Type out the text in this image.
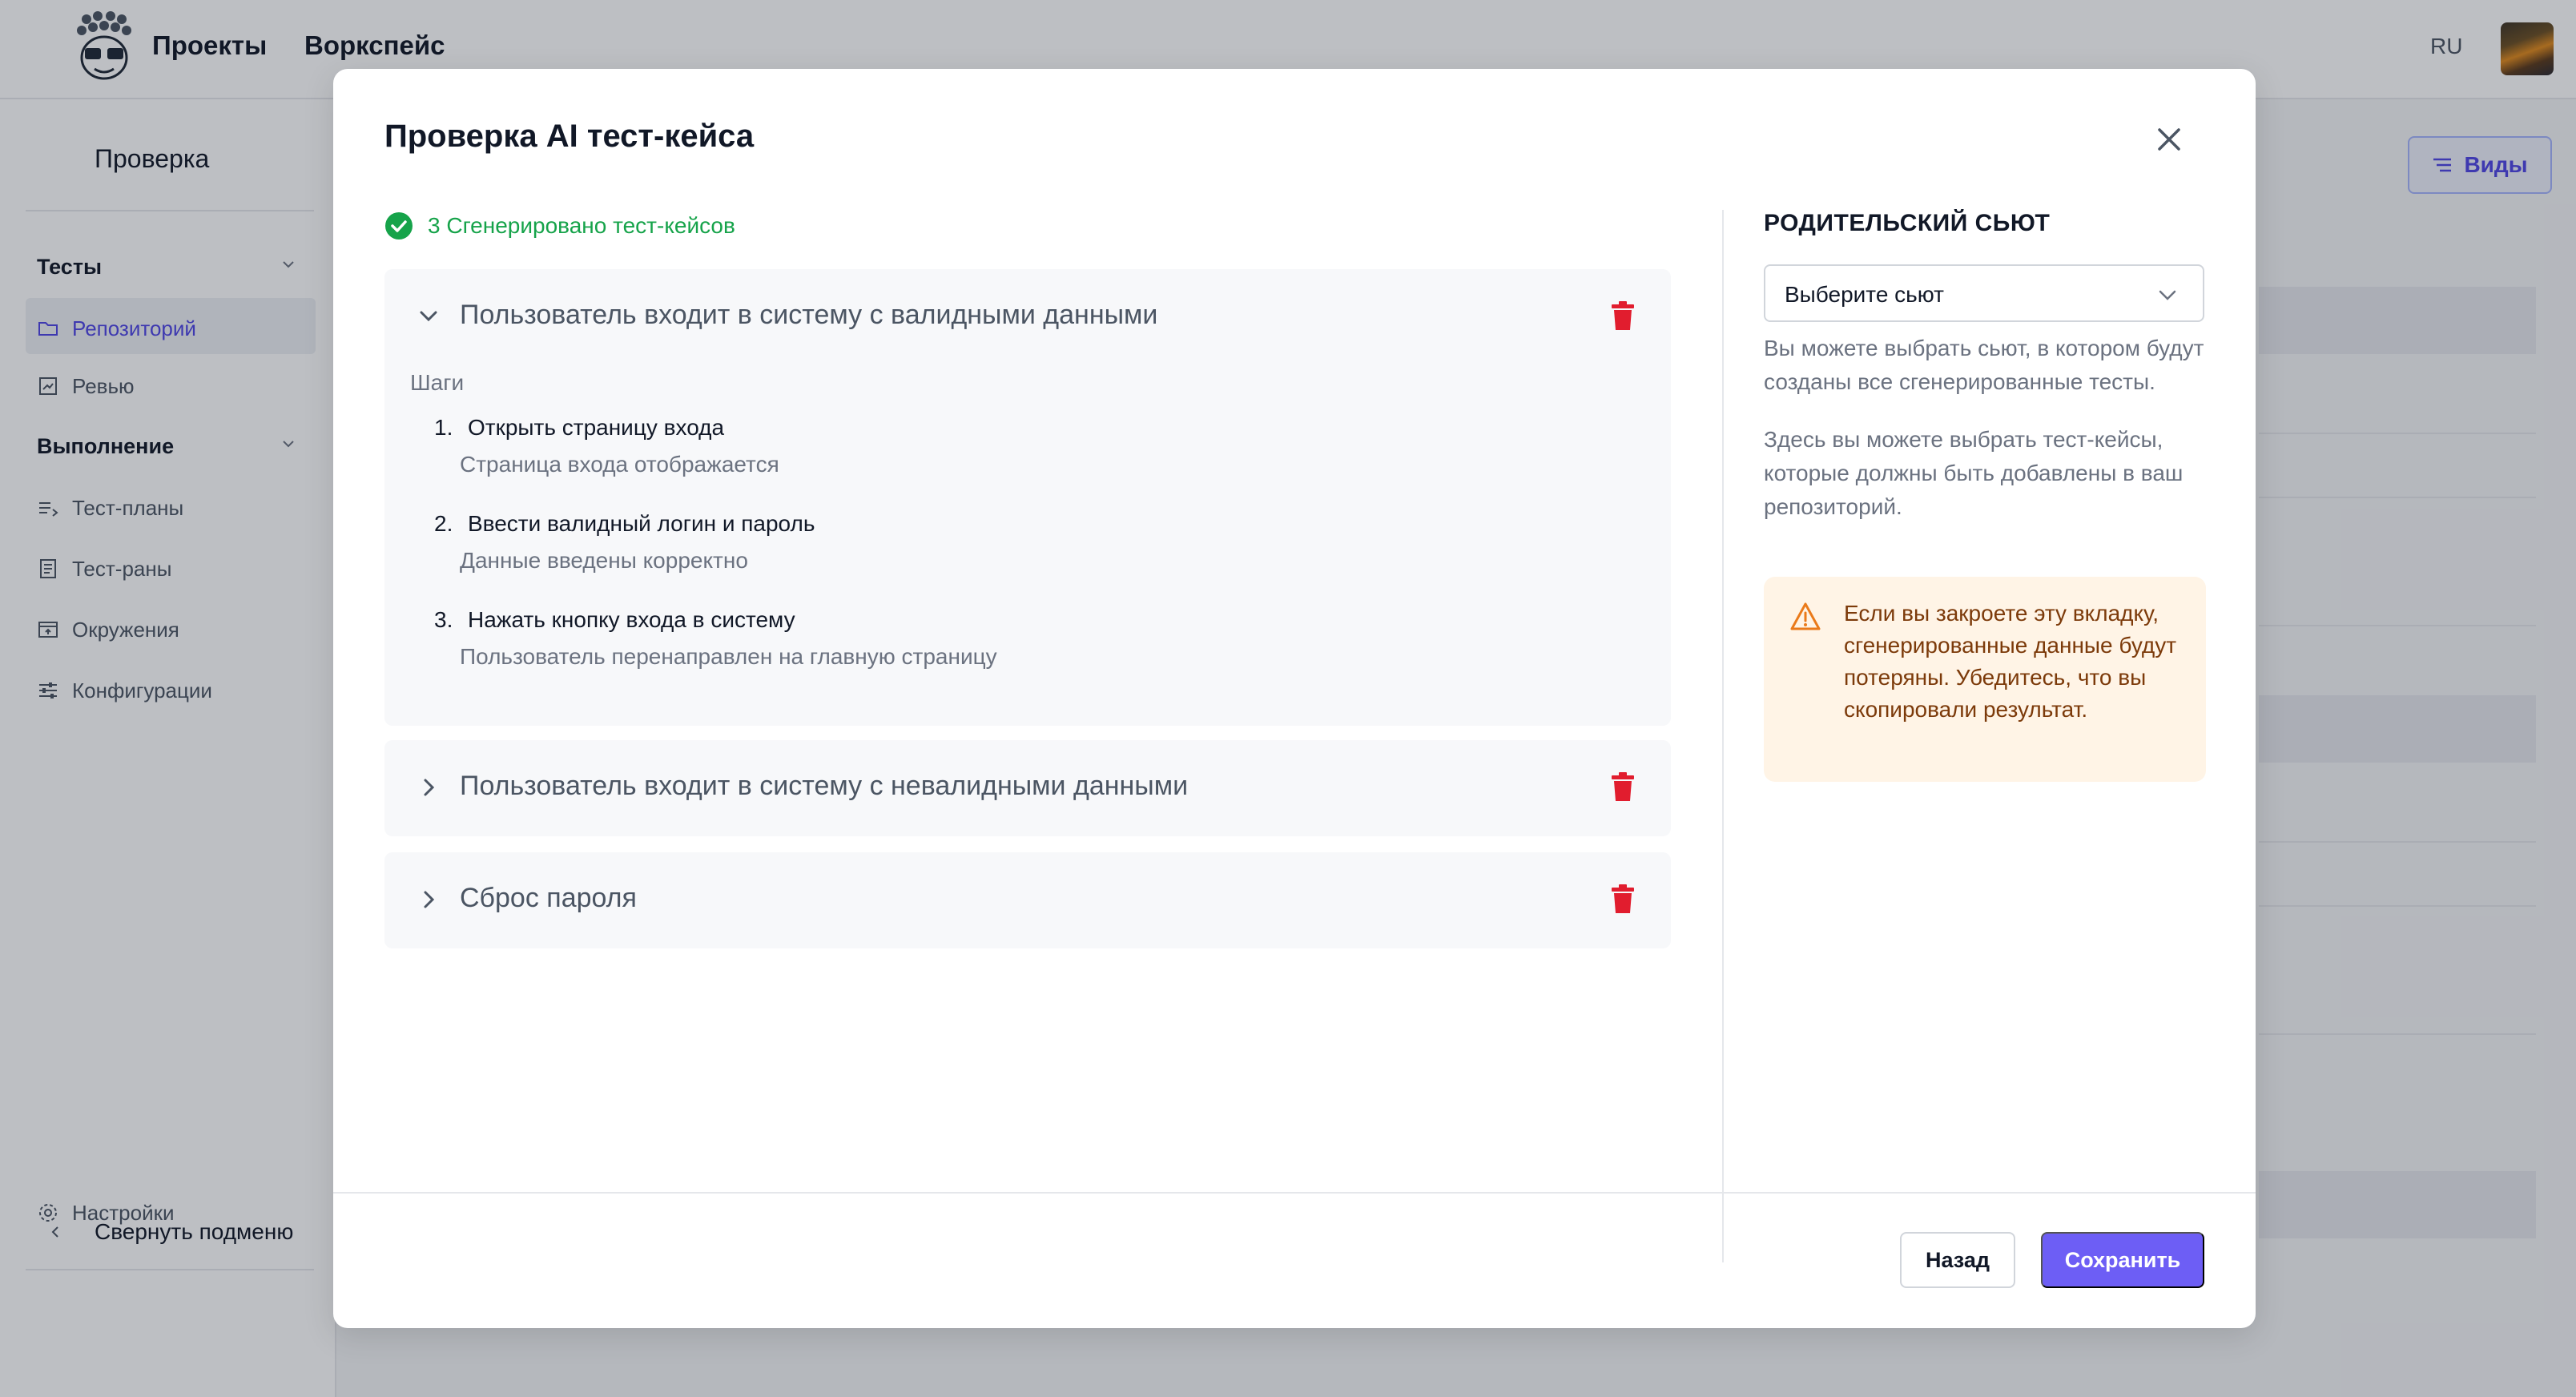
Проекты Воркспейс	RU
Проверка
Тесты
Репозиторий
Ревью
Выполнение
Тест-планы
Тест-раны
Окружения
Конфигурации
Настройки
Свернуть подменю
Виды
Проверка AI тест-кейса
3 Сгенерировано тест-кейсов
Пользователь входит в систему с валидными данными
Шаги
1. Открыть страницу входа
Страница входа отображается
2. Ввести валидный логин и пароль
Данные введены корректно
3. Нажать кнопку входа в систему
Пользователь перенаправлен на главную страницу
Пользователь входит в систему с невалидными данными
Сброс пароля
РОДИТЕЛЬСКИЙ СЬЮТ
Выберите сьют

Вы можете выбрать сьют, в котором будут созданы все сгенерированные тесты.

Здесь вы можете выбрать тест-кейсы, которые должны быть добавлены в ваш репозиторий.

Если вы закроете эту вкладку, сгенерированные данные будут потеряны. Убедитесь, что вы скопировали результат.

Назад	Сохранить
